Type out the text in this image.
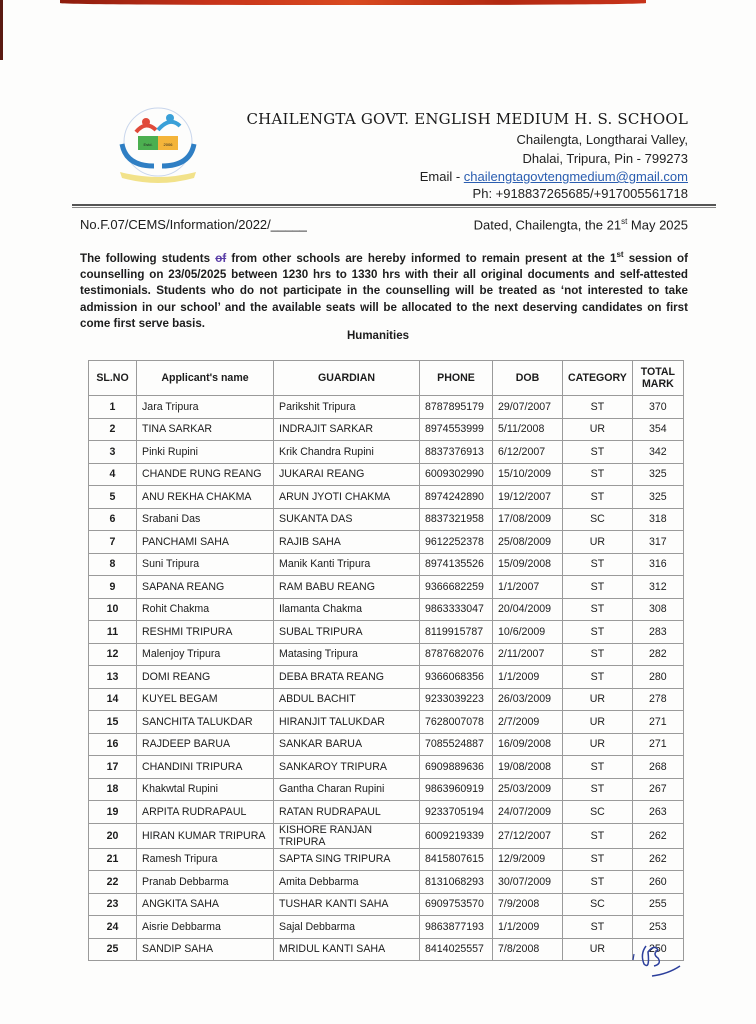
Estd.	2006
CHAILENGTA GOVT. ENGLISH MEDIUM H. S. SCHOOL
Chailengta, Longtharai Valley,
Dhalai, Tripura, Pin - 799273
Email - chailengtagovtengmedium@gmail.com
Ph: +918837265685/+917005561718
No.F.07/CEMS/Information/2022/_____	Dated, Chailengta, the 21st May 2025
The following students of from other schools are hereby informed to remain present at the 1st session of counselling on 23/05/2025 between 1230 hrs to 1330 hrs with their all original documents and self-attested testimonials. Students who do not participate in the counselling will be treated as ‘not interested to take admission in our school’ and the available seats will be allocated to the next deserving candidates on first come first serve basis.
Humanities
SL.NO	Applicant's name	GUARDIAN	PHONE	DOB	CATEGORY	TOTAL MARK
1	Jara Tripura	Parikshit Tripura	8787895179	29/07/2007	ST	370
2	TINA SARKAR	INDRAJIT SARKAR	8974553999	5/11/2008	UR	354
3	Pinki Rupini	Krik Chandra Rupini	8837376913	6/12/2007	ST	342
4	CHANDE RUNG REANG	JUKARAI REANG	6009302990	15/10/2009	ST	325
5	ANU REKHA CHAKMA	ARUN JYOTI CHAKMA	8974242890	19/12/2007	ST	325
6	Srabani Das	SUKANTA DAS	8837321958	17/08/2009	SC	318
7	PANCHAMI SAHA	RAJIB SAHA	9612252378	25/08/2009	UR	317
8	Suni Tripura	Manik Kanti Tripura	8974135526	15/09/2008	ST	316
9	SAPANA REANG	RAM BABU REANG	9366682259	1/1/2007	ST	312
10	Rohit Chakma	Ilamanta Chakma	9863333047	20/04/2009	ST	308
11	RESHMI TRIPURA	SUBAL TRIPURA	8119915787	10/6/2009	ST	283
12	Malenjoy Tripura	Matasing Tripura	8787682076	2/11/2007	ST	282
13	DOMI REANG	DEBA BRATA REANG	9366068356	1/1/2009	ST	280
14	KUYEL BEGAM	ABDUL BACHIT	9233039223	26/03/2009	UR	278
15	SANCHITA TALUKDAR	HIRANJIT TALUKDAR	7628007078	2/7/2009	UR	271
16	RAJDEEP BARUA	SANKAR BARUA	7085524887	16/09/2008	UR	271
17	CHANDINI TRIPURA	SANKAROY TRIPURA	6909889636	19/08/2008	ST	268
18	Khakwtal Rupini	Gantha Charan Rupini	9863960919	25/03/2009	ST	267
19	ARPITA RUDRAPAUL	RATAN RUDRAPAUL	9233705194	24/07/2009	SC	263
20	HIRAN KUMAR TRIPURA	KISHORE RANJAN TRIPURA	6009219339	27/12/2007	ST	262
21	Ramesh Tripura	SAPTA SING TRIPURA	8415807615	12/9/2009	ST	262
22	Pranab Debbarma	Amita Debbarma	8131068293	30/07/2009	ST	260
23	ANGKITA SAHA	TUSHAR KANTI SAHA	6909753570	7/9/2008	SC	255
24	Aisrie Debbarma	Sajal Debbarma	9863877193	1/1/2009	ST	253
25	SANDIP SAHA	MRIDUL KANTI SAHA	8414025557	7/8/2008	UR	250
